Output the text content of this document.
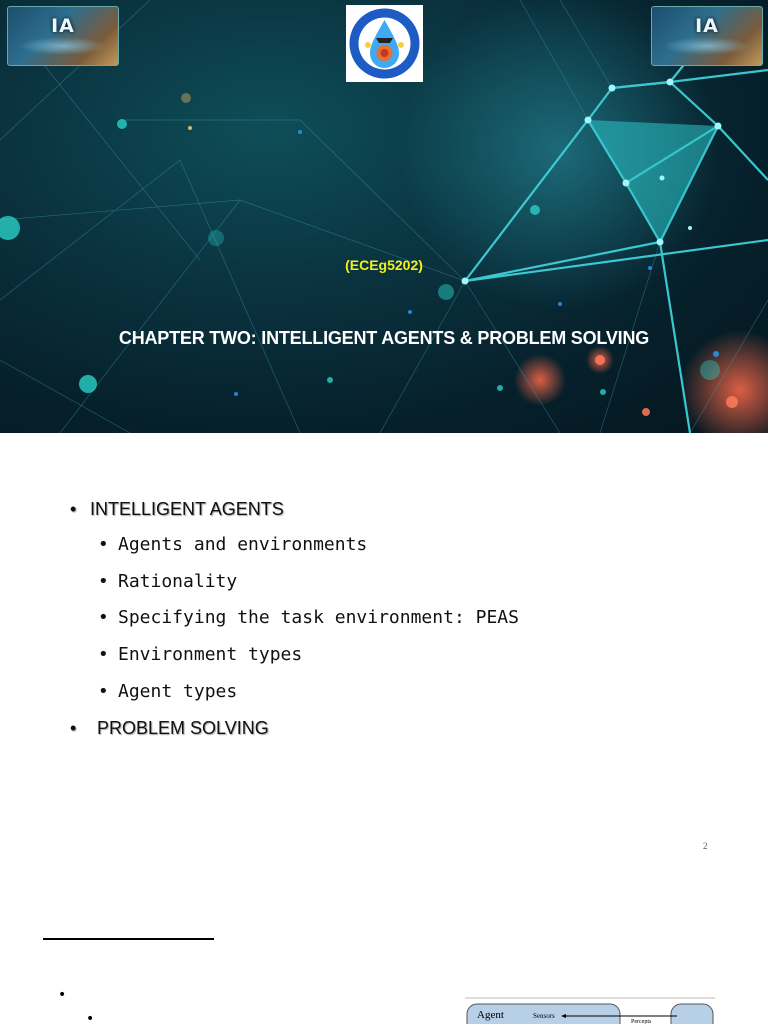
IA	IA
(ECEg5202)
CHAPTER TWO: INTELLIGENT AGENTS & PROBLEM SOLVING
• INTELLIGENT AGENTS
• Agents and environments
• Rationality
• Specifying the task environment: PEAS
• Environment types
• Agent types
• PROBLEM SOLVING
2
•
•	Agent	Sensors
Percepts
